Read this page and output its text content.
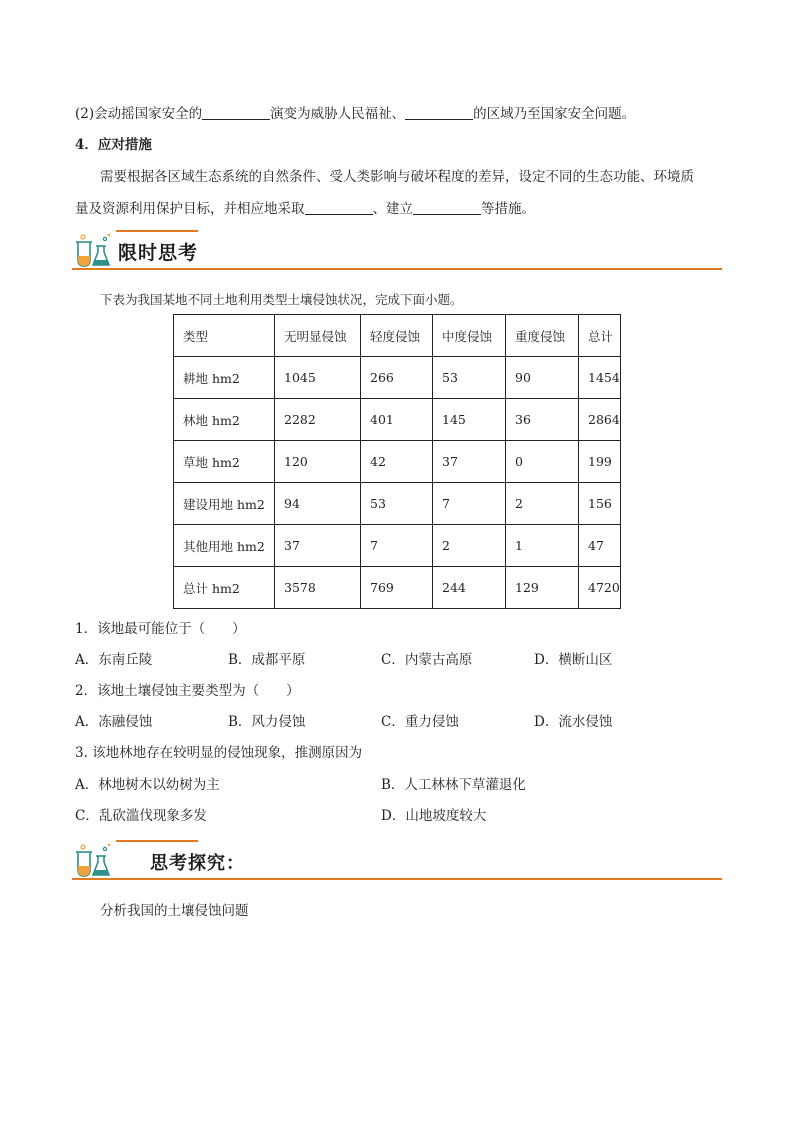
(2)会动摇国家安全的	演变为威胁人民福祉、	的区域乃至国家安全问题。
4．应对措施
需要根据各区域生态系统的自然条件、受人类影响与破坏程度的差异，设定不同的生态功能、环境质
量及资源利用保护目标，并相应地采取	、建立	等措施。
限时思考
下表为我国某地不同土地利用类型土壤侵蚀状况，完成下面小题。
类型	无明显侵蚀	轻度侵蚀	中度侵蚀	重度侵蚀	总计
耕地 hm2	1045	266	53	90	1454
林地 hm2	2282	401	145	36	2864
草地 hm2	120	42	37	0	199
建设用地 hm2	94	53	7	2	156
其他用地 hm2	37	7	2	1	47
总计 hm2	3578	769	244	129	4720
1．该地最可能位于（　　）
A．东南丘陵	B．成都平原	C．内蒙古高原	D．横断山区
2．该地土壤侵蚀主要类型为（　　）
A．冻融侵蚀	B．风力侵蚀	C．重力侵蚀	D．流水侵蚀
3. 该地林地存在较明显的侵蚀现象，推测原因为
A．林地树木以幼树为主	B．人工林林下草灌退化
C．乱砍滥伐现象多发	D．山地坡度较大
思考探究：
分析我国的土壤侵蚀问题
